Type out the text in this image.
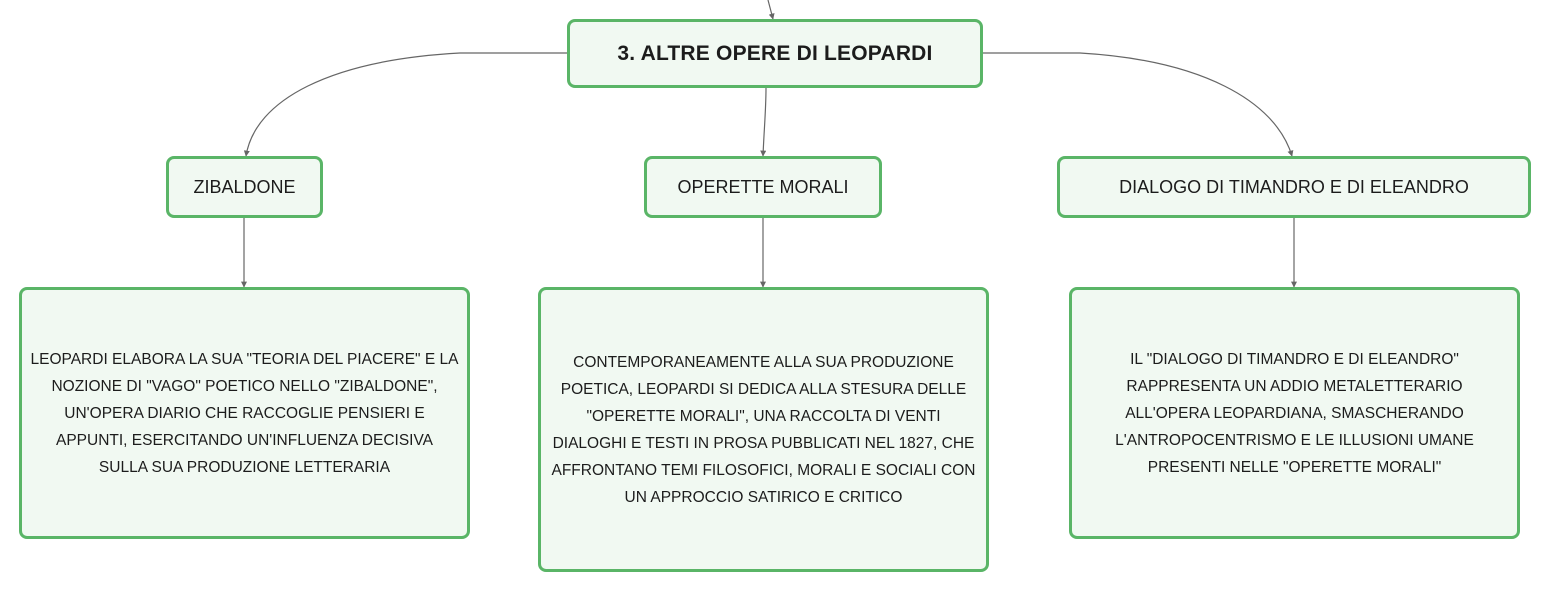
3. ALTRE OPERE DI LEOPARDI
ZIBALDONE	OPERETTE MORALI	DIALOGO DI TIMANDRO E DI ELEANDRO
LEOPARDI ELABORA LA SUA "TEORIA DEL PIACERE" E LA NOZIONE DI "VAGO" POETICO NELLO "ZIBALDONE", UN'OPERA DIARIO CHE RACCOGLIE PENSIERI E APPUNTI, ESERCITANDO UN'INFLUENZA DECISIVA SULLA SUA PRODUZIONE LETTERARIA
CONTEMPORANEAMENTE ALLA SUA PRODUZIONE POETICA, LEOPARDI SI DEDICA ALLA STESURA DELLE "OPERETTE MORALI", UNA RACCOLTA DI VENTI DIALOGHI E TESTI IN PROSA PUBBLICATI NEL 1827, CHE AFFRONTANO TEMI FILOSOFICI, MORALI E SOCIALI CON UN APPROCCIO SATIRICO E CRITICO
IL "DIALOGO DI TIMANDRO E DI ELEANDRO" RAPPRESENTA UN ADDIO METALETTERARIO ALL'OPERA LEOPARDIANA, SMASCHERANDO L'ANTROPOCENTRISMO E LE ILLUSIONI UMANE PRESENTI NELLE "OPERETTE MORALI"
